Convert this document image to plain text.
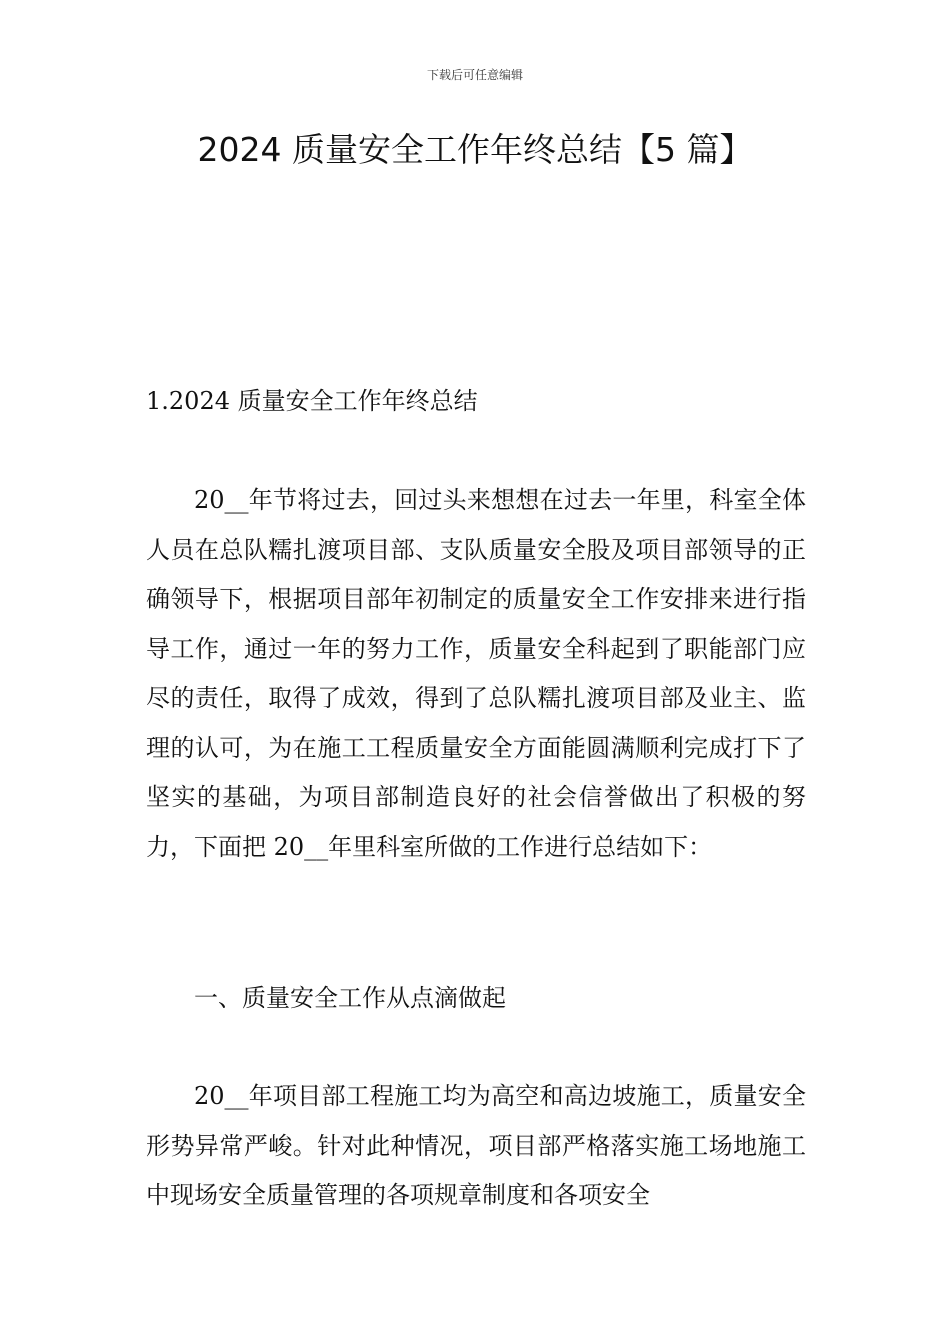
下载后可任意编辑
2024 质量安全工作年终总结【5 篇】
1.2024 质量安全工作年终总结

20__年节将过去，回过头来想想在过去一年里，科室全体人员在总队糯扎渡项目部、支队质量安全股及项目部领导的正确领导下，根据项目部年初制定的质量安全工作安排来进行指导工作，通过一年的努力工作，质量安全科起到了职能部门应尽的责任，取得了成效，得到了总队糯扎渡项目部及业主、监理的认可，为在施工工程质量安全方面能圆满顺利完成打下了坚实的基础，为项目部制造良好的社会信誉做出了积极的努力，下面把 20__年里科室所做的工作进行总结如下：

一、质量安全工作从点滴做起

20__年项目部工程施工均为高空和高边坡施工，质量安全形势异常严峻。针对此种情况，项目部严格落实施工场地施工中现场安全质量管理的各项规章制度和各项安全
